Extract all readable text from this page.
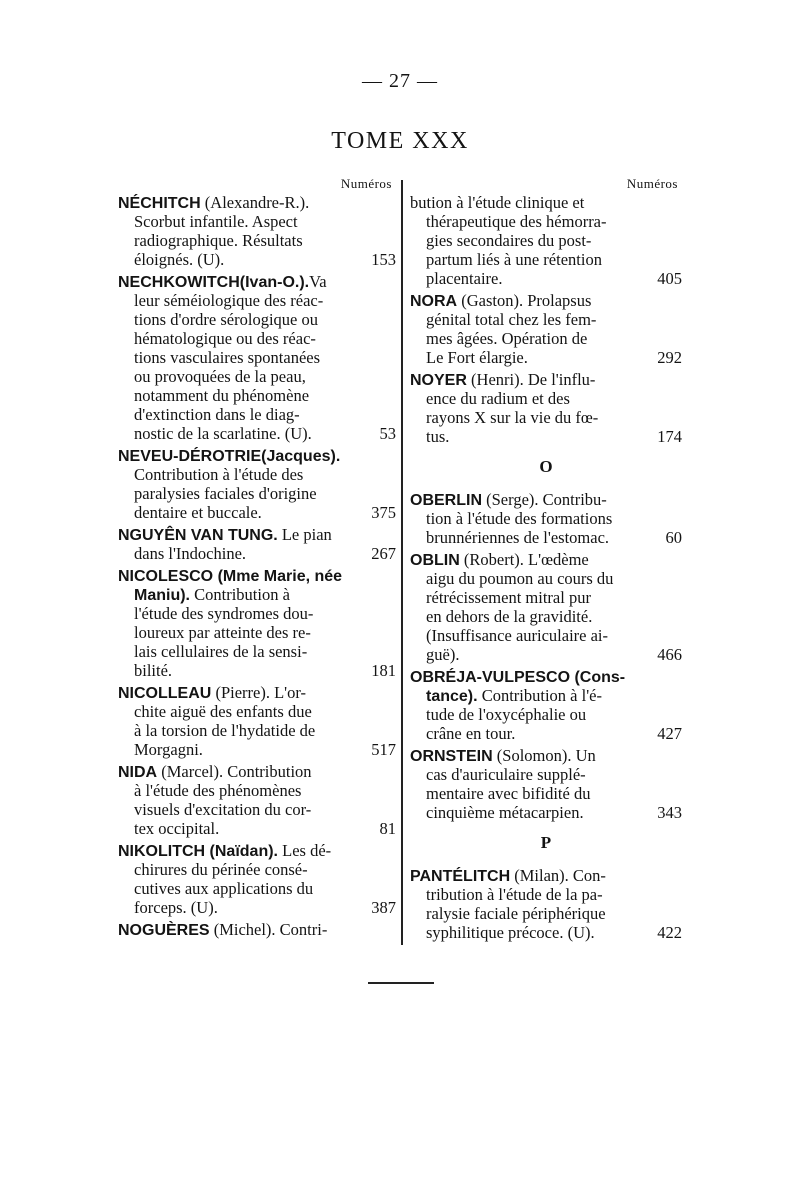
— 27 —
TOME XXX
Numéros
NÉCHITCH (Alexandre-R.).
Scorbut infantile. Aspect
radiographique. Résultats
éloignés. (U).	153
NECHKOWITCH(Ivan-O.).Va
leur séméiologique des réac-
tions d'ordre sérologique ou
hématologique ou des réac-
tions vasculaires spontanées
ou provoquées de la peau,
notamment du phénomène
d'extinction dans le diag-
nostic de la scarlatine. (U).	53
NEVEU-DÉROTRIE(Jacques).
Contribution à l'étude des
paralysies faciales d'origine
dentaire et buccale.	375
NGUYÊN VAN TUNG. Le pian
dans l'Indochine.	267
NICOLESCO (Mme Marie, née
Maniu). Contribution à
l'étude des syndromes dou-
loureux par atteinte des re-
lais cellulaires de la sensi-
bilité.	181
NICOLLEAU (Pierre). L'or-
chite aiguë des enfants due
à la torsion de l'hydatide de
Morgagni.	517
NIDA (Marcel). Contribution
à l'étude des phénomènes
visuels d'excitation du cor-
tex occipital.	81
NIKOLITCH (Naïdan). Les dé-
chirures du périnée consé-
cutives aux applications du
forceps. (U).	387
NOGUÈRES (Michel). Contri-
Numéros
bution à l'étude clinique et
thérapeutique des hémorra-
gies secondaires du post-
partum liés à une rétention
placentaire.	405
NORA (Gaston). Prolapsus
génital total chez les fem-
mes âgées. Opération de
Le Fort élargie.	292
NOYER (Henri). De l'influ-
ence du radium et des
rayons X sur la vie du fœ-
tus.	174
O
OBERLIN (Serge). Contribu-
tion à l'étude des formations
brunnériennes de l'estomac.	60
OBLIN (Robert). L'œdème
aigu du poumon au cours du
rétrécissement mitral pur
en dehors de la gravidité.
(Insuffisance auriculaire ai-
guë).	466
OBRÉJA-VULPESCO (Cons-
tance). Contribution à l'é-
tude de l'oxycéphalie ou
crâne en tour.	427
ORNSTEIN (Solomon). Un
cas d'auriculaire supplé-
mentaire avec bifidité du
cinquième métacarpien.	343
P
PANTÉLITCH (Milan). Con-
tribution à l'étude de la pa-
ralysie faciale périphérique
syphilitique précoce. (U).	422
